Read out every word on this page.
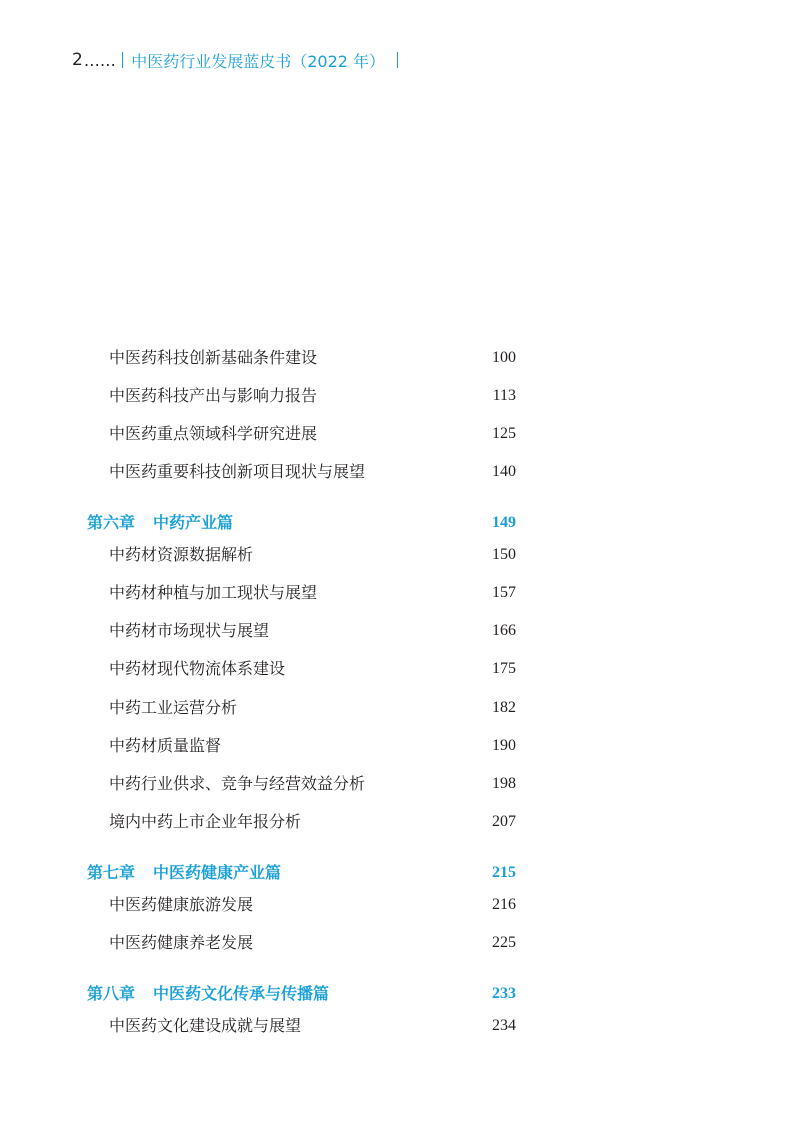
2 …… 中医药行业发展蓝皮书（2022 年）
中医药科技创新基础条件建设	100
中医药科技产出与影响力报告	113
中医药重点领域科学研究进展	125
中医药重要科技创新项目现状与展望	140
第六章 中药产业篇	149
中药材资源数据解析	150
中药材种植与加工现状与展望	157
中药材市场现状与展望	166
中药材现代物流体系建设	175
中药工业运营分析	182
中药材质量监督	190
中药行业供求、竞争与经营效益分析	198
境内中药上市企业年报分析	207
第七章 中医药健康产业篇	215
中医药健康旅游发展	216
中医药健康养老发展	225
第八章 中医药文化传承与传播篇	233
中医药文化建设成就与展望	234
